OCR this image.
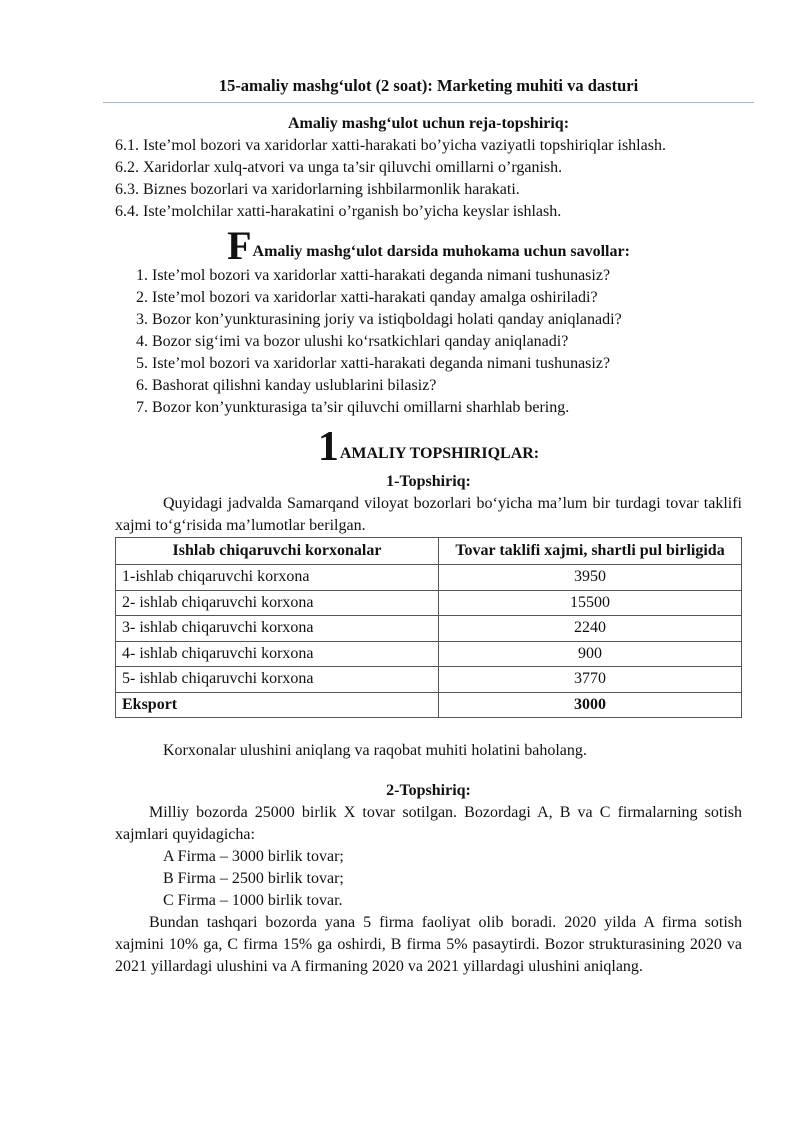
15-amaliy mashg‘ulot (2 soat): Marketing muhiti va dasturi
Amaliy mashg‘ulot uchun reja-topshiriq:

6.1. Iste’mol bozori va xaridorlar xatti-harakati bo’yicha vaziyatli topshiriqlar ishlash.

6.2. Xaridorlar xulq-atvori va unga ta’sir qiluvchi omillarni o’rganish.

6.3. Biznes bozorlari va xaridorlarning ishbilarmonlik harakati.

6.4. Iste’molchilar xatti-harakatini o’rganish bo’yicha keyslar ishlash.

F Amaliy mashg‘ulot darsida muhokama uchun savollar:
1. Iste’mol bozori va xaridorlar xatti-harakati deganda nimani tushunasiz?
2. Iste’mol bozori va xaridorlar xatti-harakati qanday amalga oshiriladi?
3. Bozor kon’yunkturasining joriy va istiqboldagi holati qanday aniqlanadi?
4. Bozor sig‘imi va bozor ulushi ko‘rsatkichlari qanday aniqlanadi?
5. Iste’mol bozori va xaridorlar xatti-harakati deganda nimani tushunasiz?
6. Bashorat qilishni kanday uslublarini bilasiz?
7. Bozor kon’yunkturasiga ta’sir qiluvchi omillarni sharhlab bering.
1 AMALIY TOPSHIRIQLAR:
1-Topshiriq:

Quyidagi jadvalda Samarqand viloyat bozorlari bo‘yicha ma’lum bir turdagi tovar taklifi xajmi to‘g‘risida ma’lumotlar berilgan.

Ishlab chiqaruvchi korxonalar	Tovar taklifi xajmi, shartli pul birligida
1-ishlab chiqaruvchi korxona	3950
2- ishlab chiqaruvchi korxona	15500
3- ishlab chiqaruvchi korxona	2240
4- ishlab chiqaruvchi korxona	900
5- ishlab chiqaruvchi korxona	3770
Eksport	3000

Korxonalar ulushini aniqlang va raqobat muhiti holatini baholang.

2-Topshiriq:

Milliy bozorda 25000 birlik X tovar sotilgan. Bozordagi A, B va C firmalarning sotish xajmlari quyidagicha:

A Firma – 3000 birlik tovar;

B Firma – 2500 birlik tovar;

C Firma – 1000 birlik tovar.

Bundan tashqari bozorda yana 5 firma faoliyat olib boradi. 2020 yilda A firma sotish xajmini 10% ga, C firma 15% ga oshirdi, B firma 5% pasaytirdi. Bozor strukturasining 2020 va 2021 yillardagi ulushini va A firmaning 2020 va 2021 yillardagi ulushini aniqlang.
